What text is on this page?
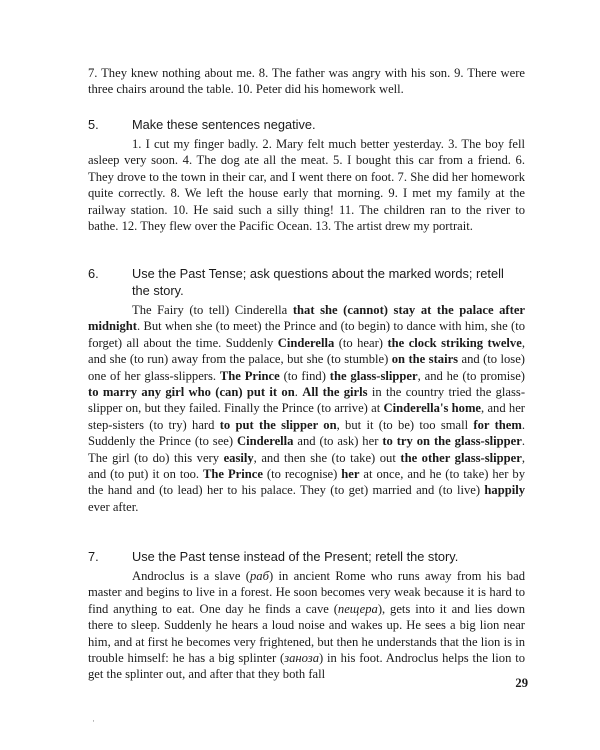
7. They knew nothing about me. 8. The father was angry with his son. 9. There were three chairs around the table. 10. Peter did his homework well.

5.	Make these sentences negative.

1. I cut my finger badly. 2. Mary felt much better yesterday. 3. The boy fell asleep very soon. 4. The dog ate all the meat. 5. I bought this car from a friend. 6. They drove to the town in their car, and I went there on foot. 7. She did her homework quite correctly. 8. We left the house early that morning. 9. I met my family at the railway station. 10. He said such a silly thing! 11. The children ran to the river to bathe. 12. They flew over the Pacific Ocean. 13. The artist drew my portrait.

6.	Use the Past Tense; ask questions about the marked words; retell the story.

The Fairy (to tell) Cinderella that she (cannot) stay at the palace after midnight. But when she (to meet) the Prince and (to begin) to dance with him, she (to forget) all about the time. Suddenly Cinderella (to hear) the clock striking twelve, and she (to run) away from the palace, but she (to stumble) on the stairs and (to lose) one of her glass-slippers. The Prince (to find) the glass-slipper, and he (to promise) to marry any girl who (can) put it on. All the girls in the country tried the glass-slipper on, but they failed. Finally the Prince (to arrive) at Cinderella's home, and her step-sisters (to try) hard to put the slipper on, but it (to be) too small for them. Suddenly the Prince (to see) Cinderella and (to ask) her to try on the glass-slipper. The girl (to do) this very easily, and then she (to take) out the other glass-slipper, and (to put) it on too. The Prince (to recognise) her at once, and he (to take) her by the hand and (to lead) her to his palace. They (to get) married and (to live) happily ever after.

7.	Use the Past tense instead of the Present; retell the story.

Androclus is a slave (раб) in ancient Rome who runs away from his bad master and begins to live in a forest. He soon becomes very weak because it is hard to find anything to eat. One day he finds a cave (пещера), gets into it and lies down there to sleep. Suddenly he hears a loud noise and wakes up. He sees a big lion near him, and at first he becomes very frightened, but then he understands that the lion is in trouble himself: he has a big splinter (заноза) in his foot. Androclus helps the lion to get the splinter out, and after that they both fall

29
·
